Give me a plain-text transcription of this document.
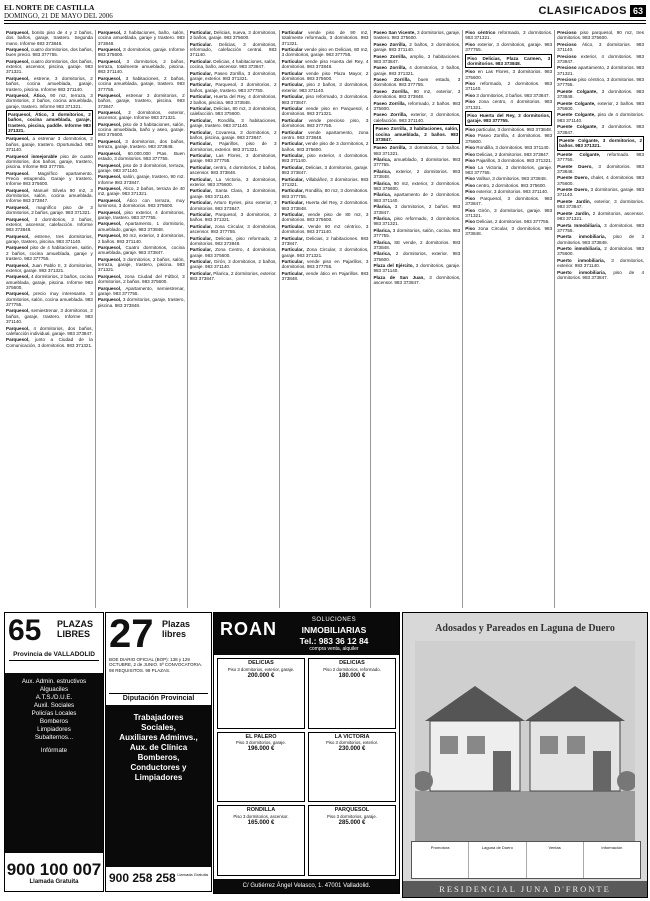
EL NORTE DE CASTILLA
DOMINGO, 21 DE MAYO DEL 2006	CLASIFICADOS 63
Parquesol, bonito piso de 4 y 2 baños, dos baños, garaje, trastero. Segunda mano. Informe 983 373848.
Parquesol, cuatro dormitorios, dos baños, buen precio. 983 377755.
Parquesol, cuatro dormitorios, dos baños, exterior, ascensor, piscina, garaje. 983 371321.
Parquesol, estrene, 3 dormitorios, 2 baños, cocina amueblada, garaje, trastero, piscina. Informe 983 371140.
Parquesol, Ático, 90 m2, terraza, 3 dormitorios, 2 baños, cocina amueblada, garaje, trastero. Informe 983 371321.
Parquesol, Ático, 3 dormitorios, 2 baños, cocina amueblada, garaje, trastero, piscina, paddle. Informe 983 371321.
Parquesol, a estrenar 3 dormitorios, 2 baños, garaje, trastero. Oportunidad. 983 371140.
Parquesol inmejorable piso de cuatro dormitorios, dos baños, garaje, trastero, piscina. Informe 983 377755.
Parquesol. Magnífico apartamento. Precio estupendo. Garaje y trastero. Informe 983 375600.
Parquesol, Manuel Silvela 90 m2, 3 dormitorios, salón, cocina amueblada. Informe 983 373847.
Parquesol, magnífico piso de 3 dormitorios, 2 baños, garaje. 983 371321.
Parquesol, 3 dormitorios, 2 baños, exterior, ascensor, calefacción. Informe 983 373848.
Parquesol, estrene, tres dormitorios, garaje, trastero, piscina. 983 371140.
Parquesol piso de 4 habitaciones, salón, 2 baños, cocina amueblada, garaje y trastero. 983 377755.
Parquesol, Juan Pablo II, 3 dormitorios, exterior, garaje. 983 371321.
Parquesol, 4 dormitorios, 2 baños, cocina amueblada, garaje, piscina. Informe 983 375600.
Parquesol, precio muy interesante. 3 dormitorios, salón, cocina amueblada. 983 377755.
Parquesol, semiestrenar, 3 dormitorios, 2 baños, garaje, trastero. Informe 983 371140.
Parquesol, 4 dormitorios, dos baños, calefacción individual, garaje. 983 373847.
Parquesol, junto a Ciudad de la Comunicación, 3 dormitorios. 983 371321.
Parquesol, 2 habitaciones, baño, salón, cocina amueblada, garaje y trastero. 983 373848.
Parquesol, 3 dormitorios, garaje. Informe 983 375600.
Parquesol, 3 dormitorios, 2 baños, terraza, totalmente amueblado, piscina. 983 371140.
Parquesol, 3 habitaciones, 2 baños, cocina amueblada, garaje, trastero. 983 377755.
Parquesol, estrenar 3 dormitorios, 2 baños, garaje, trastero, piscina. 983 373847.
Parquesol, 2 dormitorios, exterior, ascensor, garaje. Informe 983 371321.
Parquesol, piso de 3 habitaciones, salón, cocina amueblada, baño y aseo, garaje. 983 375600.
Parquesol, 3 dormitorios, dos baños, terraza, garaje, trastero. 983 373848.
Parquesol, 60.000.000 Ptas. Buen estado, 3 dormitorios. 983 377755.
Parquesol, piso de 3 dormitorios, terraza, garaje. 983 371140.
Parquesol, salón, garaje, trastero, 90 m2. Informe 983 373847.
Parquesol, Ático, 2 baños, terraza de 40 m2, garaje. 983 371321.
Parquesol, Ático con terraza, muy luminoso, 3 dormitorios. 983 375600.
Parquesol, piso exterior, 4 dormitorios, garaje, trastero. 983 377755.
Parquesol, Apartamento, 1 dormitorio, amueblado, garaje. 983 373848.
Parquesol, 90 m2, exterior, 3 dormitorios, 2 baños. 983 371140.
Parquesol, Cuatro dormitorios, cocina amueblada, garaje. 983 373847.
Parquesol, 3 dormitorios, 2 baños, salón, terraza, garaje, trastero, piscina. 983 371321.
Parquesol, zona Ciudad del Fútbol, 3 dormitorios, 2 baños. 983 375600.
Parquesol, Apartamento, semiestrenar, garaje. 983 377755.
Parquesol, 3 dormitorios, garaje, trastero, piscina. 983 373848.
Particular, Delicias, nueva, 3 dormitorios, 2 baños, garaje. 983 375600.
Particular. Delicias, 3 dormitorios, reformado, calefacción central. 983 371140.
Particular. Delicias, 4 habitaciones, salón, cocina, baño, ascensor. 983 373847.
Particular, Paseo Zorrilla, 3 dormitorios, garaje, exterior. 983 371321.
Particular, Parquesol, 3 dormitorios, 2 baños, garaje, trastero. 983 377755.
Particular, Huerta del Rey, 4 dormitorios, 2 baños, piscina. 983 373848.
Particular, Delicias, 80 m2, 3 dormitorios, calefacción. 983 375600.
Particular, Rondilla, 3 habitaciones, garaje, trastero. 983 371140.
Particular, Covaresa, 3 dormitorios, 2 baños, piscina, garaje. 983 373847.
Particular, Pajarillos, piso de 3 dormitorios, exterior. 983 371321.
Particular, Las Flores, 3 dormitorios, garaje. 983 377755.
Particular, centro, 4 dormitorios, 2 baños, ascensor. 983 373848.
Particular, La Victoria, 3 dormitorios, exterior. 983 375600.
Particular, Santa Clara, 3 dormitorios, garaje. 983 371140.
Particular, Arturo Eyries, piso exterior, 3 dormitorios. 983 373847.
Particular, Parquesol, 3 dormitorios, 2 baños. 983 371321.
Particular, zona Circular, 3 dormitorios, ascensor. 983 377755.
Particular, Delicias, piso reformado, 3 dormitorios. 983 373848.
Particular, Zona Centro, 4 dormitorios, garaje. 983 375600.
Particular, Girón, 3 dormitorios, 2 baños, garaje. 983 371140.
Particular, Pilarica, 2 dormitorios, exterior. 983 373847.
Particular vende piso de 90 m2, totalmente reformado, 3 dormitorios. 983 371321.
Particular vende piso en Delicias, 80 m2, 3 dormitorios, garaje. 983 377755.
Particular vende piso Huerta del Rey, 4 dormitorios. 983 373848.
Particular vende piso Plaza Mayor, 2 dormitorios. 983 375600.
Particular, piso 2 baños, 3 dormitorios, exterior. 983 371140.
Particular, piso reformado, 3 dormitorios. 983 373847.
Particular vende piso en Parquesol, 4 dormitorios. 983 371321.
Particular vende precioso piso, 3 dormitorios. 983 377755.
Particular vende apartamento, zona centro. 983 373848.
Particular, vende piso de 3 dormitorios, 2 baños. 983 375600.
Particular, piso exterior, 4 dormitorios. 983 371140.
Particular, Delicias, 3 dormitorios, garaje. 983 373847.
Particular, Villabáñez, 3 dormitorios. 983 371321.
Particular, Rondilla, 80 m2, 3 dormitorios. 983 377755.
Particular, Huerta del Rey, 2 dormitorios. 983 373848.
Particular, vende piso de 80 m2, 3 dormitorios. 983 375600.
Particular. Vende 90 m2 céntrico, 3 dormitorios. 983 371140.
Particular, Delicias, 2 habitaciones. 983 373847.
Particular, Zona Circular, 3 dormitorios, garaje. 983 371321.
Particular, vende piso en Pajarillos, 3 dormitorios. 983 377755.
Particular, vende ático en Pajarillos. 983 373848.
Paseo San Vicente, 3 dormitorios, garaje, trastero. 983 375600.
Paseo Zorrilla, 2 baños, 3 dormitorios, garaje. 983 371140.
Paseo Zorrilla, amplio, 3 habitaciones. 983 373847.
Paseo Zorrilla, 4 dormitorios, 2 baños, garaje. 983 371321.
Paseo Zorrilla, buen estado, 3 dormitorios. 983 377755.
Paseo Zorrilla, 90 m2, exterior, 3 dormitorios. 983 373848.
Paseo Zorrilla, reformado, 2 baños. 983 375600.
Paseo Zorrilla, exterior, 3 dormitorios, calefacción. 983 371140.
Paseo Zorrilla, 3 habitaciones, salón, cocina amueblada, 2 baños. 983 373847.
Paseo Zorrilla, 3 dormitorios, 2 baños. 983 371321.
Pilarica, amueblado, 3 dormitorios. 983 377755.
Pilarica, exterior, 2 dormitorios. 983 373848.
Pilarica, 90 m2, exterior, 3 dormitorios. 983 375600.
Pilarica, apartamento de 2 dormitorios. 983 371140.
Pilarica, 3 dormitorios, 2 baños. 983 373847.
Pilarica, piso reformado, 3 dormitorios. 983 371321.
Pilarica, 3 dormitorios, salón, cocina. 983 377755.
Pilarica, SE vende, 2 dormitorios. 983 373848.
Pilarica, 2 dormitorios, exterior. 983 375600.
Plaza del Ejército, 3 dormitorios, garaje. 983 371140.
Plaza de San Juan, 3 dormitorios, ascensor. 983 373847.
Piso céntrico reformado, 3 dormitorios. 983 371321.
Piso exterior, 3 dormitorios, garaje. 983 377755.
Piso Delicias, Plaza Carmen, 3 dormitorios. 983 373848.
Piso en Las Flores, 3 dormitorios. 983 375600.
Piso reformado, 2 dormitorios. 983 371140.
Piso 3 dormitorios, 2 baños. 983 373847.
Piso zona centro, 4 dormitorios. 983 371321.
Piso Huerta del Rey, 3 dormitorios, garaje. 983 377755.
Piso particular, 3 dormitorios. 983 373848.
Piso Paseo Zorrilla, 4 dormitorios. 983 375600.
Piso Rondilla, 3 dormitorios. 983 371140.
Piso Delicias, 2 dormitorios. 983 373847.
Piso Pajarillos, 3 dormitorios. 983 371321.
Piso La Victoria, 3 dormitorios, garaje. 983 377755.
Piso Vallsur, 3 dormitorios. 983 373848.
Piso centro, 2 dormitorios. 983 375600.
Piso exterior, 3 dormitorios. 983 371140.
Piso Parquesol, 3 dormitorios. 983 373847.
Piso Girón, 3 dormitorios, garaje. 983 371321.
Piso Delicias, 2 dormitorios. 983 377755.
Piso zona Circular, 3 dormitorios. 983 373848.
Precioso piso parquesol, 90 m2, tres dormitorios. 983 375600.
Precioso Ático, 3 dormitorios. 983 371140.
Precioso exterior, 4 dormitorios. 983 373847.
Precioso apartamento, 2 dormitorios. 983 371321.
Precioso piso céntrico, 3 dormitorios. 983 377755.
Puente Colgante, 3 dormitorios. 983 373848.
Puente Colgante, exterior, 2 baños. 983 375600.
Puente Colgante, piso de 4 dormitorios. 983 371140.
Puente Colgante, 3 dormitorios. 983 373847.
Puente Colgante, 3 dormitorios, 2 baños. 983 371321.
Puente Colgante, reformado. 983 377755.
Puente Duero, 3 dormitorios. 983 373848.
Puente Duero, chalet, 4 dormitorios. 983 375600.
Puente Duero, 3 dormitorios, garaje. 983 371140.
Puente Jardín, exterior, 3 dormitorios. 983 373847.
Puente Jardín, 2 dormitorios, ascensor. 983 371321.
Puerta Inmobiliaria, 3 dormitorios. 983 377755.
Puerta inmobiliaria, piso de 3 dormitorios. 983 373848.
Puerto inmobiliaria, 2 dormitorios. 983 375600.
Puerto inmobiliaria, 3 dormitorios, exterior. 983 371140.
Puerto inmobiliaria, piso de 4 dormitorios. 983 373847.
65 PLAZAS LIBRES
Provincia de VALLADOLID
Aux. Admin. estructivos
Alguaciles
A.T.S./D.U.E.
Auxil. Sociales
Policías Locales
Bomberos
Limpiadores
Subalternos...
Infórmate
900 100 007
Llamada Gratuita
27 Plazas libres
BOE DIARIO OFICIAL (BOP): 138 y 129 OCTUBRE, 2 de JUNIO. 5ª CONVOCATORIA. 98 REQUISITOS. 98 PLAZAS.
Diputación Provincial
Trabajadores
Sociales,
Auxiliares Adminvs.,
Aux. de Clínica
Bomberos,
Conductores y
Limpiadores
900 258 258 Llamada Gratuita
ROAN	SOLUCIONES
INMOBILIARIAS
Tel.: 983 36 12 84
compra venta, alquiler
DELICIAS
Piso 3 dormitorios, exterior, garaje.
200.000 €
DELICIAS
Piso 2 dormitorios, reformado.
180.000 €
EL PALERO
Piso 3 dormitorios, garaje.
196.000 €
LA VICTORIA
Piso 3 dormitorios, exterior.
230.000 €
RONDILLA
Piso 3 dormitorios, ascensor.
165.000 €
PARQUESOL
Piso 3 dormitorios, garaje.
285.000 €
C/ Gutiérrez Ángel Velasco, 1. 47001 Valladolid.
Adosados y Pareados en Laguna de Duero
Promotora	Laguna de Duero	Ventas	Información
RESIDENCIAL JUNA D'FRONTE
